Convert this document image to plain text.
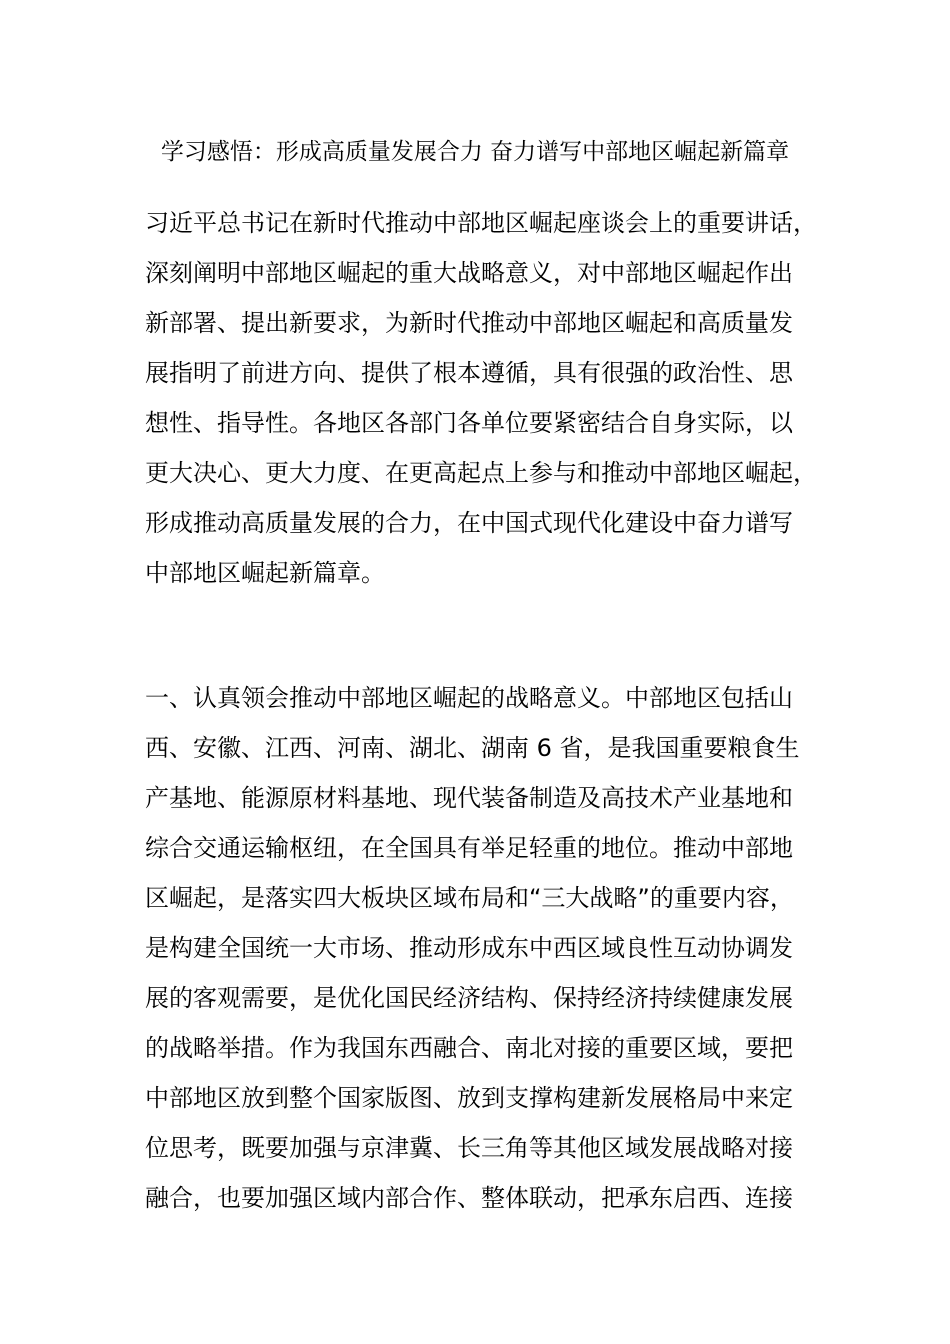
学习感悟：形成高质量发展合力 奋力谱写中部地区崛起新篇章
习近平总书记在新时代推动中部地区崛起座谈会上的重要讲话，
深刻阐明中部地区崛起的重大战略意义，对中部地区崛起作出
新部署、提出新要求，为新时代推动中部地区崛起和高质量发
展指明了前进方向、提供了根本遵循，具有很强的政治性、思
想性、指导性。各地区各部门各单位要紧密结合自身实际，以
更大决心、更大力度、在更高起点上参与和推动中部地区崛起，
形成推动高质量发展的合力，在中国式现代化建设中奋力谱写
中部地区崛起新篇章。
一、认真领会推动中部地区崛起的战略意义。中部地区包括山
西、安徽、江西、河南、湖北、湖南 6 省，是我国重要粮食生
产基地、能源原材料基地、现代装备制造及高技术产业基地和
综合交通运输枢纽，在全国具有举足轻重的地位。推动中部地
区崛起，是落实四大板块区域布局和“三大战略”的重要内容，
是构建全国统一大市场、推动形成东中西区域良性互动协调发
展的客观需要，是优化国民经济结构、保持经济持续健康发展
的战略举措。作为我国东西融合、南北对接的重要区域，要把
中部地区放到整个国家版图、放到支撑构建新发展格局中来定
位思考，既要加强与京津冀、长三角等其他区域发展战略对接
融合，也要加强区域内部合作、整体联动，把承东启西、连接
